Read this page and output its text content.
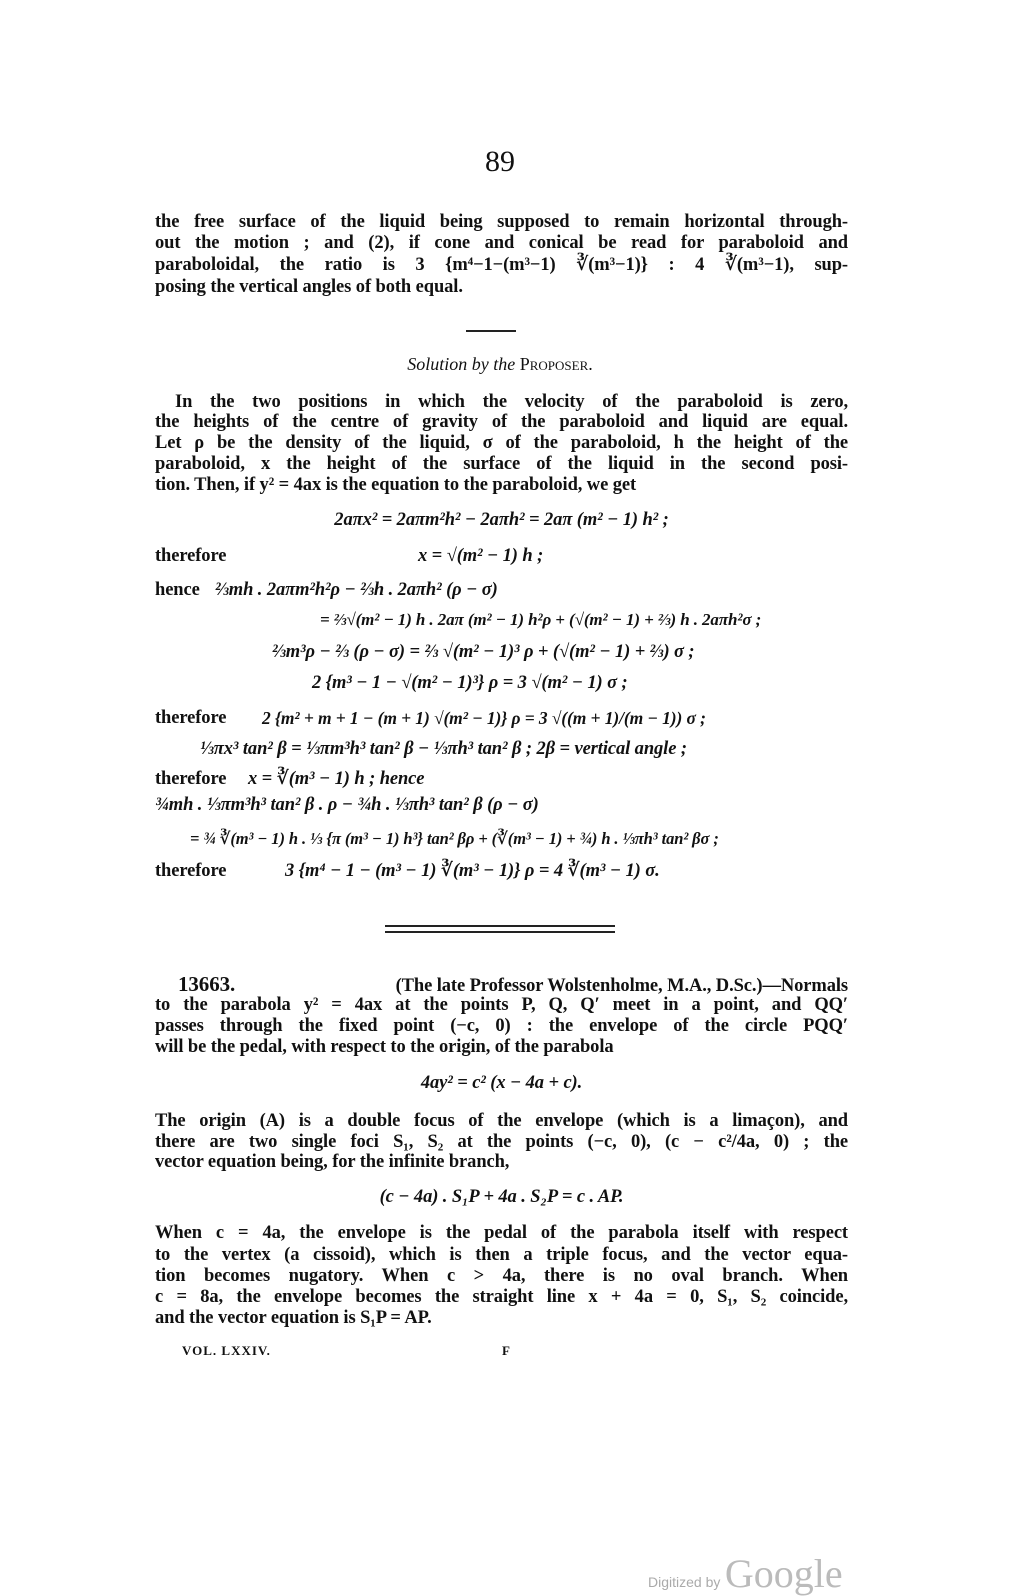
89
the free surface of the liquid being supposed to remain horizontal through-
out the motion ; and (2), if cone and conical be read for paraboloid and
paraboloidal, the ratio is 3 {m⁴−1−(m³−1) ∛(m³−1)} : 4 ∛(m³−1), sup-
posing the vertical angles of both equal.
Solution by the Proposer.
In the two positions in which the velocity of the paraboloid is zero,
the heights of the centre of gravity of the paraboloid and liquid are equal.
Let ρ be the density of the liquid, σ of the paraboloid, h the height of the
paraboloid, x the height of the surface of the liquid in the second posi-
tion. Then, if y² = 4ax is the equation to the paraboloid, we get
2aπx² = 2aπm²h² − 2aπh² = 2aπ (m² − 1) h² ;
therefore	x = √(m² − 1) h ;
hence ⅔mh . 2aπm²h²ρ − ⅔h . 2aπh² (ρ − σ)
= ⅔√(m² − 1) h . 2aπ (m² − 1) h²ρ + (√(m² − 1) + ⅔) h . 2aπh²σ ;
⅔m³ρ − ⅔ (ρ − σ) = ⅔ √(m² − 1)³ ρ + (√(m² − 1) + ⅔) σ ;
2 {m³ − 1 − √(m² − 1)³} ρ = 3 √(m² − 1) σ ;
therefore 2 {m² + m + 1 − (m + 1) √(m² − 1)} ρ = 3 √((m + 1)/(m − 1)) σ ;
⅓πx³ tan² β = ⅓πm³h³ tan² β − ⅓πh³ tan² β ; 2β = vertical angle ;
therefore x = ∛(m³ − 1) h ; hence
¾mh . ⅓πm³h³ tan² β . ρ − ¾h . ⅓πh³ tan² β (ρ − σ)
= ¾ ∛(m³ − 1) h . ⅓ {π (m³ − 1) h³} tan² βρ + (∛(m³ − 1) + ¾) h . ⅓πh³ tan² βσ ;
therefore	3 {m⁴ − 1 − (m³ − 1) ∛(m³ − 1)} ρ = 4 ∛(m³ − 1) σ.
13663.	(The late Professor Wolstenholme, M.A., D.Sc.)—Normals
to the parabola y² = 4ax at the points P, Q, Q′ meet in a point, and QQ′
passes through the fixed point (−c, 0) : the envelope of the circle PQQ′
will be the pedal, with respect to the origin, of the parabola
4ay² = c² (x − 4a + c).
The origin (A) is a double focus of the envelope (which is a limaçon), and
there are two single foci S₁, S₂ at the points (−c, 0), (c − c²/4a, 0) ; the
vector equation being, for the infinite branch,
(c − 4a) . S₁P + 4a . S₂P = c . AP.
When c = 4a, the envelope is the pedal of the parabola itself with respect
to the vertex (a cissoid), which is then a triple focus, and the vector equa-
tion becomes nugatory. When c > 4a, there is no oval branch. When
c = 8a, the envelope becomes the straight line x + 4a = 0, S₁, S₂ coincide,
and the vector equation is S₁P = AP.
VOL. LXXIV.	F
Digitized by Google
